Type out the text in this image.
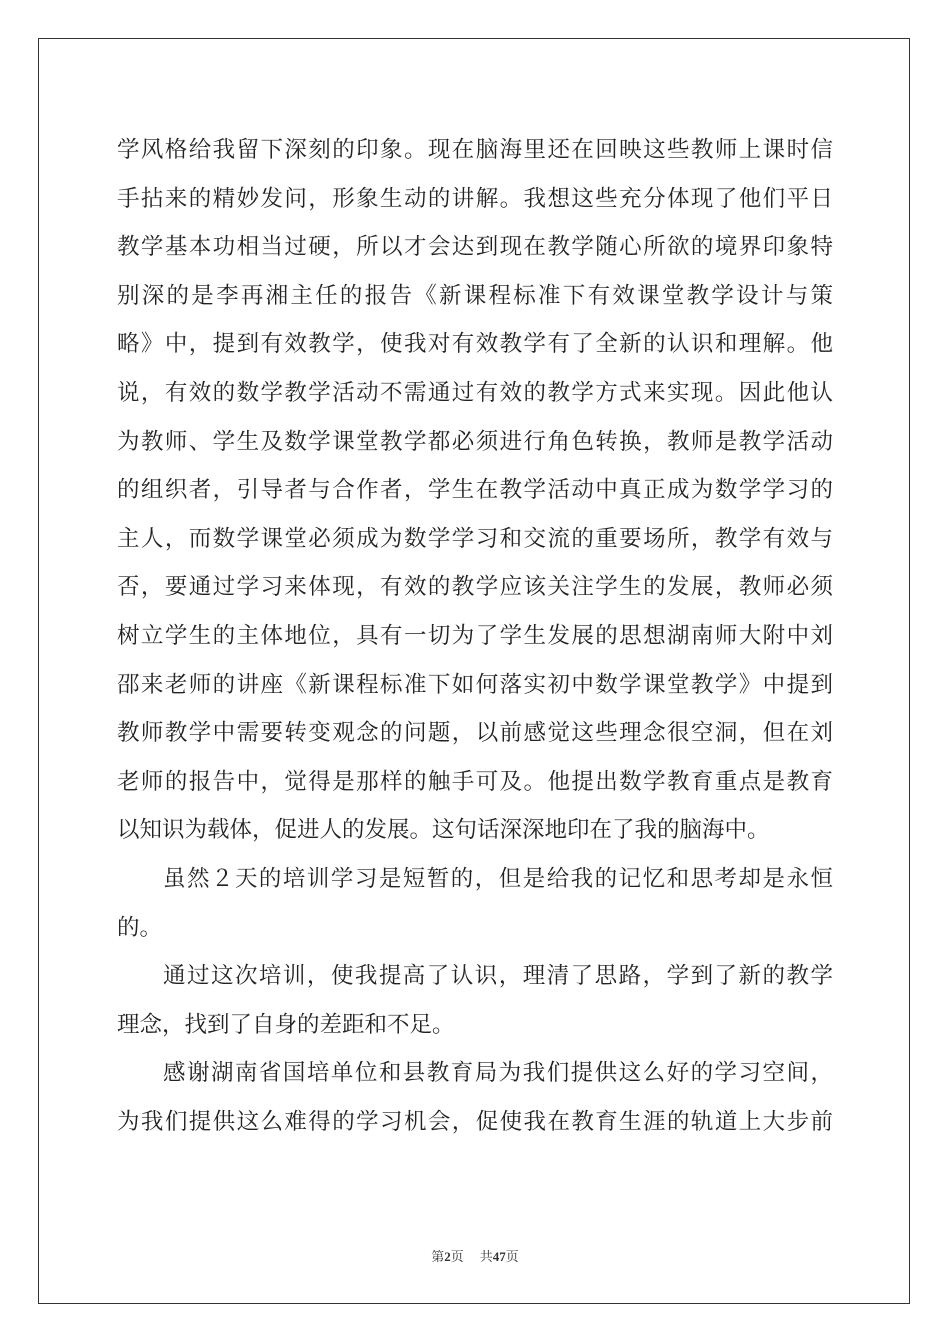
学风格给我留下深刻的印象。现在脑海里还在回映这些教师上课时信
手拈来的精妙发问，形象生动的讲解。我想这些充分体现了他们平日
教学基本功相当过硬，所以才会达到现在教学随心所欲的境界印象特
别深的是李再湘主任的报告《新课程标准下有效课堂教学设计与策
略》中，提到有效教学，使我对有效教学有了全新的认识和理解。他
说，有效的数学教学活动不需通过有效的教学方式来实现。因此他认
为教师、学生及数学课堂教学都必须进行角色转换，教师是教学活动
的组织者，引导者与合作者，学生在教学活动中真正成为数学学习的
主人，而数学课堂必须成为数学学习和交流的重要场所，教学有效与
否，要通过学习来体现，有效的教学应该关注学生的发展，教师必须
树立学生的主体地位，具有一切为了学生发展的思想湖南师大附中刘
邵来老师的讲座《新课程标准下如何落实初中数学课堂教学》中提到
教师教学中需要转变观念的问题，以前感觉这些理念很空洞，但在刘
老师的报告中，觉得是那样的触手可及。他提出数学教育重点是教育
以知识为载体，促进人的发展。这句话深深地印在了我的脑海中。
虽然２天的培训学习是短暂的，但是给我的记忆和思考却是永恒
的。
通过这次培训，使我提高了认识，理清了思路，学到了新的教学
理念，找到了自身的差距和不足。
感谢湖南省国培单位和县教育局为我们提供这么好的学习空间，
为我们提供这么难得的学习机会，促使我在教育生涯的轨道上大步前
第2页 共47页
